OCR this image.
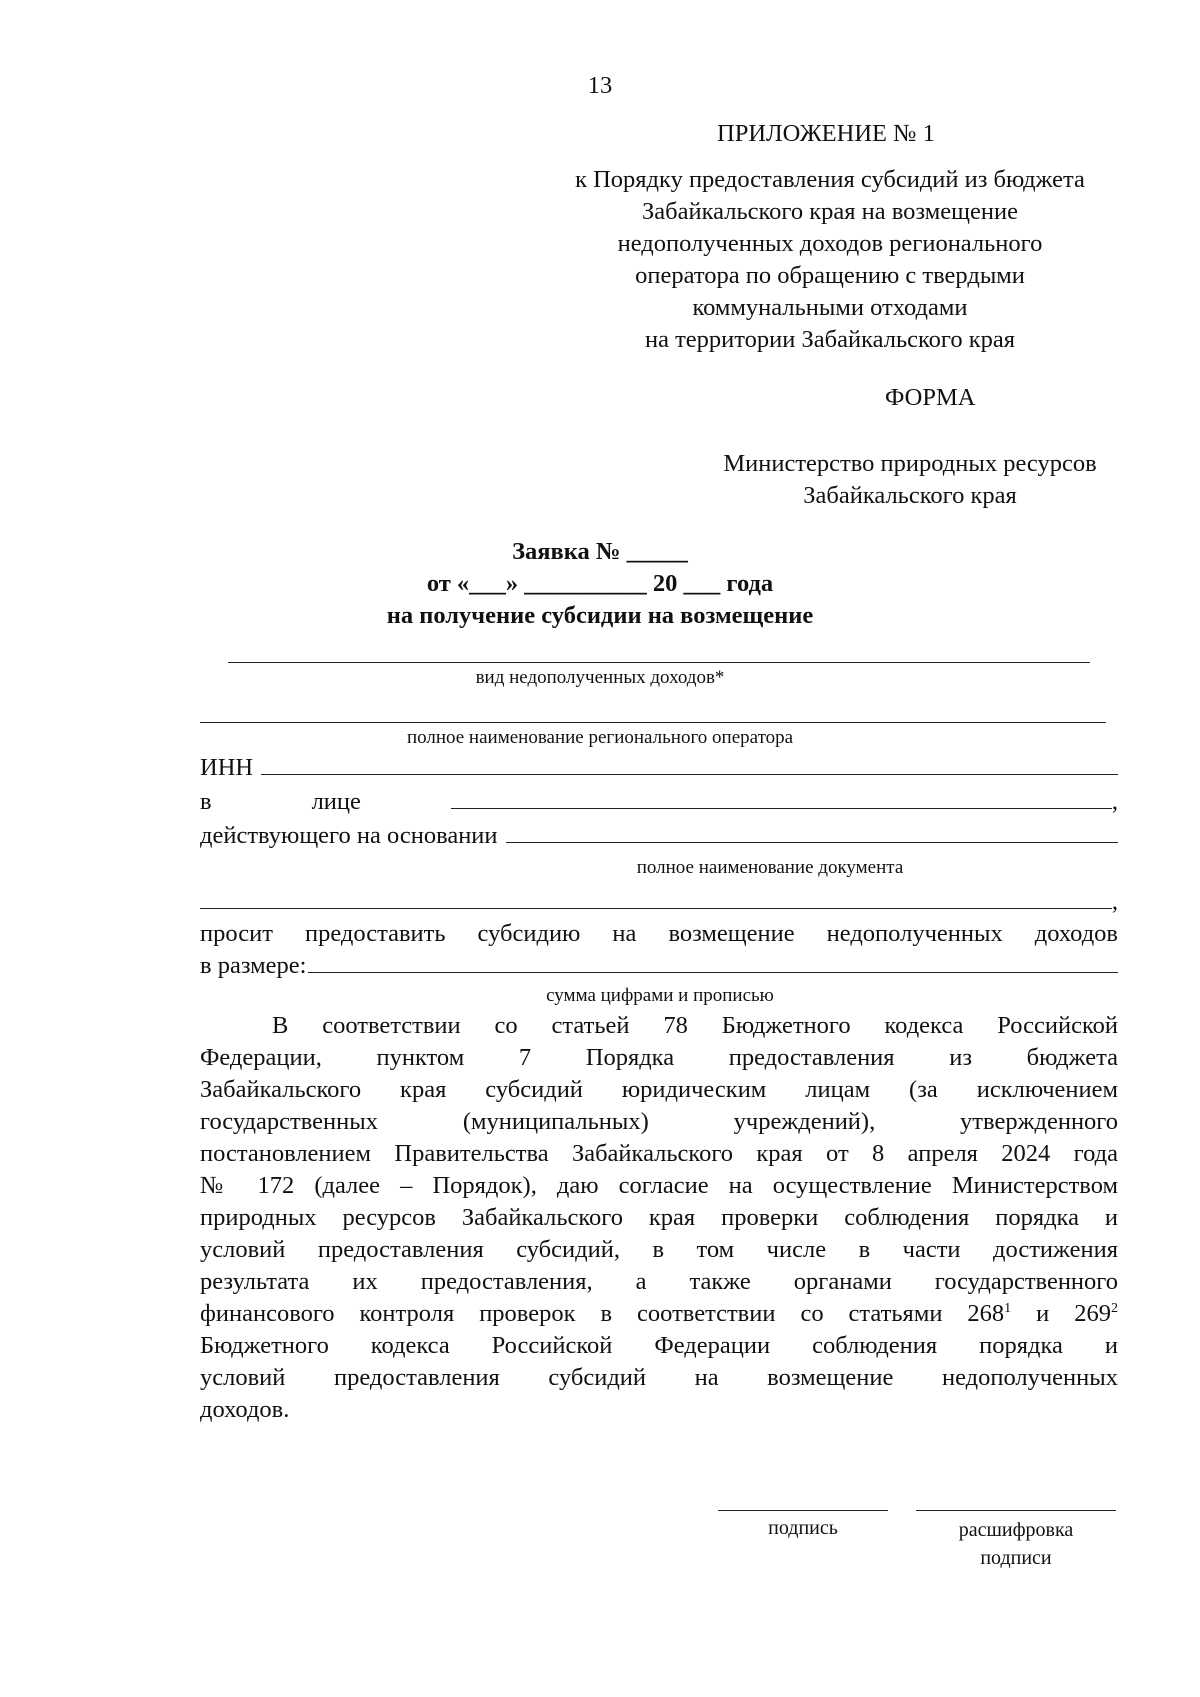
13
ПРИЛОЖЕНИЕ № 1
к Порядку предоставления субсидий из бюджета
Забайкальского края на возмещение
недополученных доходов регионального
оператора по обращению с твердыми
коммунальными отходами
на территории Забайкальского края
ФОРМА
Министерство природных ресурсов
Забайкальского края
Заявка № _____
от «___» __________ 20 ___ года
на получение субсидии на возмещение
вид недополученных доходов*
полное наименование регионального оператора
ИНН
в	лице	,
действующего на основании
полное наименование документа
,
просит предоставить субсидию на возмещение недополученных доходов
в размере:
сумма цифрами и прописью
В соответствии со статьей 78 Бюджетного кодекса Российской
Федерации, пунктом 7 Порядка предоставления из бюджета
Забайкальского края субсидий юридическим лицам (за исключением
государственных (муниципальных) учреждений), утвержденного
постановлением Правительства Забайкальского края от 8 апреля 2024 года
№ 172 (далее – Порядок), даю согласие на осуществление Министерством
природных ресурсов Забайкальского края проверки соблюдения порядка и
условий предоставления субсидий, в том числе в части достижения
результата их предоставления, а также органами государственного
финансового контроля проверок в соответствии со статьями $268^1$ и $269^2$
Бюджетного кодекса Российской Федерации соблюдения порядка и
условий предоставления субсидий на возмещение недополученных
доходов.
подпись	расшифровка
подписи
